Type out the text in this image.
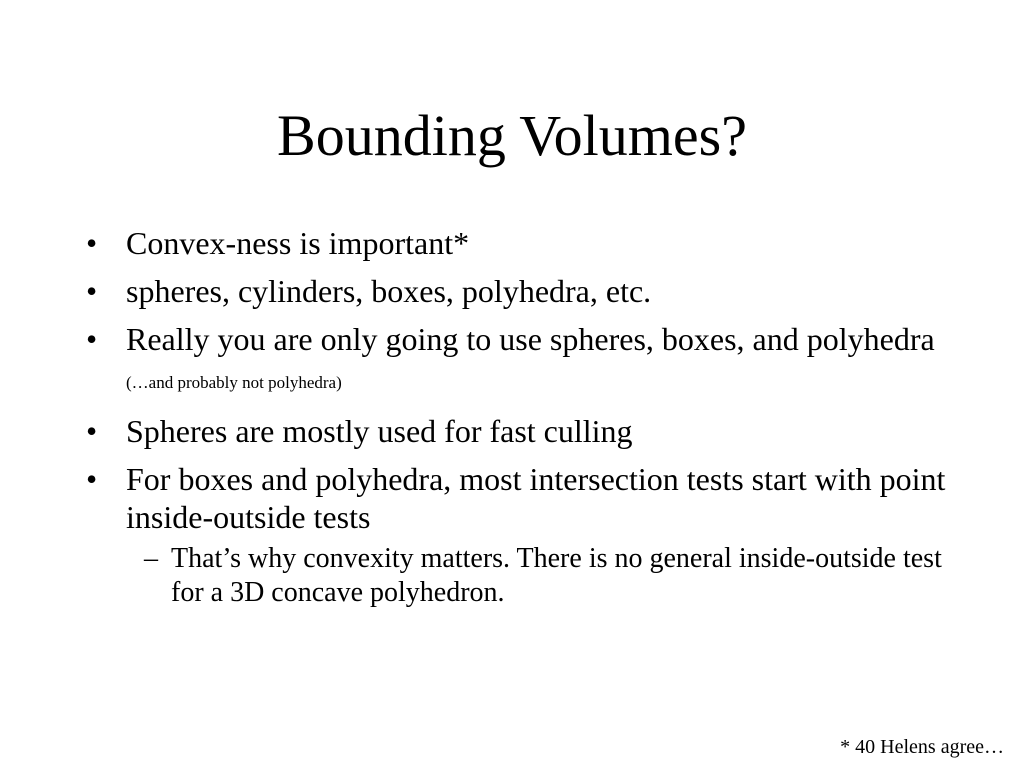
Bounding Volumes?
• Convex-ness is important*
• spheres, cylinders, boxes, polyhedra, etc.
• Really you are only going to use spheres, boxes, and polyhedra (…and probably not polyhedra)
• Spheres are mostly used for fast culling
• For boxes and polyhedra, most intersection tests start with point inside-outside tests
– That’s why convexity matters. There is no general inside-outside test for a 3D concave polyhedron.
* 40 Helens agree…
